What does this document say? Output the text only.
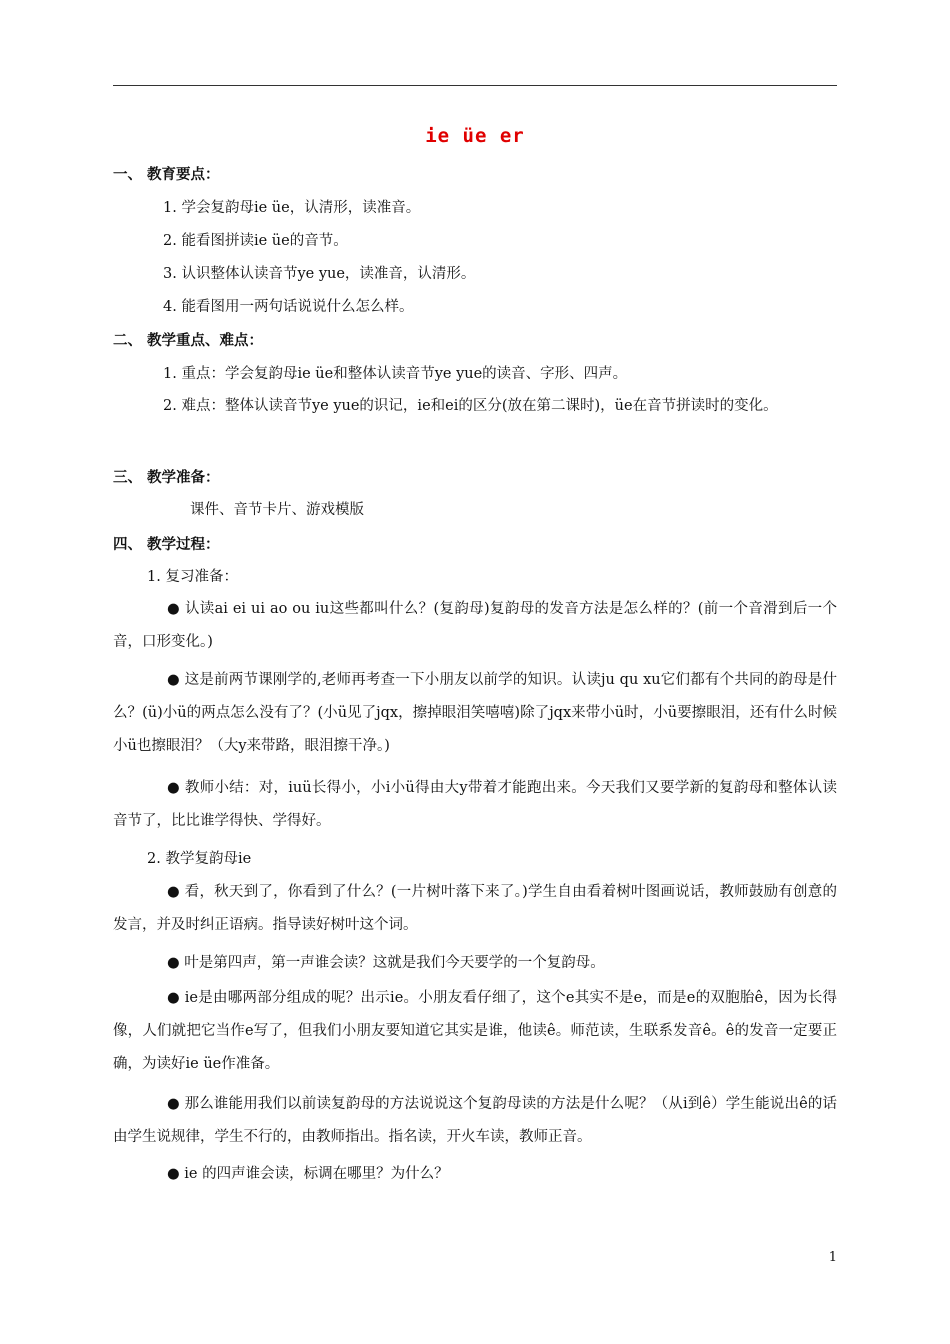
ie üe er
一、 教育要点：
1. 学会复韵母ie üe，认清形，读准音。
2. 能看图拼读ie üe的音节。
3. 认识整体认读音节ye yue，读准音，认清形。
4. 能看图用一两句话说说什么怎么样。
二、 教学重点、难点：
1. 重点：学会复韵母ie üe和整体认读音节ye yue的读音、字形、四声。
2. 难点：整体认读音节ye yue的识记，ie和ei的区分(放在第二课时)，üe在音节拼读时的变化。
三、 教学准备：
课件、音节卡片、游戏模版
四、 教学过程：
1. 复习准备：
● 认读ai ei ui ao ou iu这些都叫什么？(复韵母)复韵母的发音方法是怎么样的？(前一个音滑到后一个音，口形变化。)
● 这是前两节课刚学的,老师再考查一下小朋友以前学的知识。认读ju qu xu它们都有个共同的韵母是什么？(ü)小ü的两点怎么没有了？(小ü见了jqx，擦掉眼泪笑嘻嘻)除了jqx来带小ü时，小ü要擦眼泪，还有什么时候小ü也擦眼泪？（大y来带路，眼泪擦干净。)
● 教师小结：对，iuü长得小，小i小ü得由大y带着才能跑出来。今天我们又要学新的复韵母和整体认读音节了，比比谁学得快、学得好。
2. 教学复韵母ie
● 看，秋天到了，你看到了什么？(一片树叶落下来了。)学生自由看着树叶图画说话，教师鼓励有创意的发言，并及时纠正语病。指导读好树叶这个词。
● 叶是第四声，第一声谁会读？这就是我们今天要学的一个复韵母。
● ie是由哪两部分组成的呢？出示ie。小朋友看仔细了，这个e其实不是e，而是e的双胞胎ê，因为长得像，人们就把它当作e写了，但我们小朋友要知道它其实是谁，他读ê。师范读，生联系发音ê。ê的发音一定要正确，为读好ie üe作准备。
● 那么谁能用我们以前读复韵母的方法说说这个复韵母读的方法是什么呢？（从i到ê）学生能说出ê的话由学生说规律，学生不行的，由教师指出。指名读，开火车读，教师正音。
● ie 的四声谁会读，标调在哪里？为什么？
1
